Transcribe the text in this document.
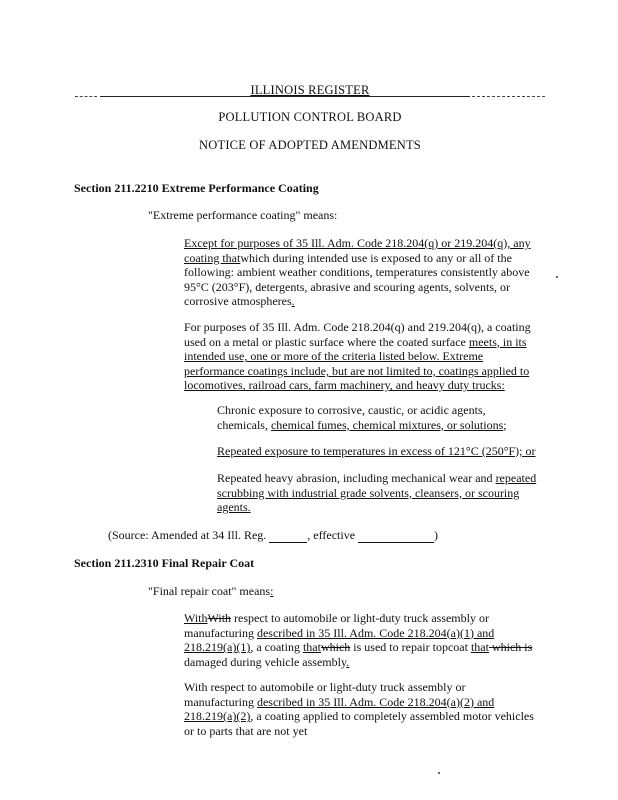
ILLINOIS REGISTER
POLLUTION CONTROL BOARD
NOTICE OF ADOPTED AMENDMENTS
Section 211.2210 Extreme Performance Coating
"Extreme performance coating" means:
Except for purposes of 35 Ill. Adm. Code 218.204(q) or 219.204(q), any coating thatwhich during intended use is exposed to any or all of the following: ambient weather conditions, temperatures consistently above 95°C (203°F), detergents, abrasive and scouring agents, solvents, or corrosive atmospheres.
For purposes of 35 Ill. Adm. Code 218.204(q) and 219.204(q), a coating used on a metal or plastic surface where the coated surface meets, in its intended use, one or more of the criteria listed below. Extreme performance coatings include, but are not limited to, coatings applied to locomotives, railroad cars, farm machinery, and heavy duty trucks:
Chronic exposure to corrosive, caustic, or acidic agents, chemicals, chemical fumes, chemical mixtures, or solutions;
Repeated exposure to temperatures in excess of 121°C (250°F); or
Repeated heavy abrasion, including mechanical wear and repeated scrubbing with industrial grade solvents, cleansers, or scouring agents.
(Source: Amended at 34 Ill. Reg.	, effective	)
Section 211.2310 Final Repair Coat
"Final repair coat" means:
WithWith respect to automobile or light-duty truck assembly or manufacturing described in 35 Ill. Adm. Code 218.204(a)(1) and 218.219(a)(1), a coating thatwhich is used to repair topcoat that which is damaged during vehicle assembly.
With respect to automobile or light-duty truck assembly or manufacturing described in 35 Ill. Adm. Code 218.204(a)(2) and 218.219(a)(2), a coating applied to completely assembled motor vehicles or to parts that are not yet
